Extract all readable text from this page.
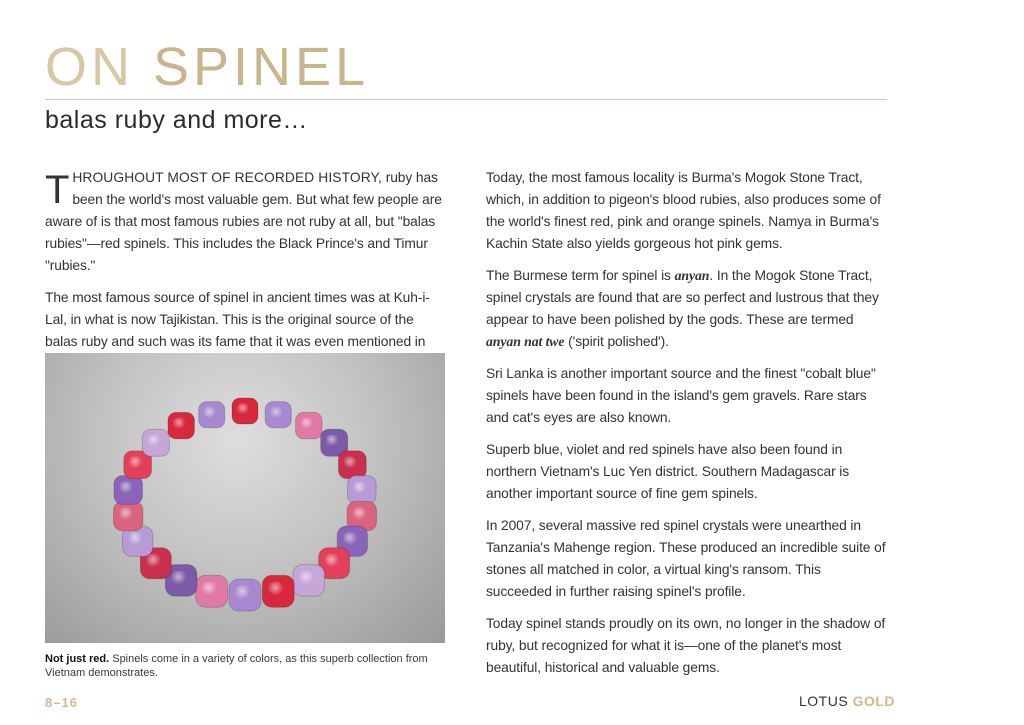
ON SPINEL
balas ruby and more…

THROUGHOUT MOST OF RECORDED HISTORY, ruby has been the world's most valuable gem. But what few people are aware of is that most famous rubies are not ruby at all, but "balas rubies"—red spinels. This includes the Black Prince's and Timur "rubies."

The most famous source of spinel in ancient times was at Kuh-i-Lal, in what is now Tajikistan. This is the original source of the balas ruby and such was its fame that it was even mentioned in

Not just red. Spinels come in a variety of colors, as this superb collection from Vietnam demonstrates.

Today, the most famous locality is Burma's Mogok Stone Tract, which, in addition to pigeon's blood rubies, also produces some of the world's finest red, pink and orange spinels. Namya in Burma's Kachin State also yields gorgeous hot pink gems.

The Burmese term for spinel is anyan. In the Mogok Stone Tract, spinel crystals are found that are so perfect and lustrous that they appear to have been polished by the gods. These are termed anyan nat twe ('spirit polished').

Sri Lanka is another important source and the finest "cobalt blue" spinels have been found in the island's gem gravels. Rare stars and cat's eyes are also known.

Superb blue, violet and red spinels have also been found in northern Vietnam's Luc Yen district. Southern Madagascar is another important source of fine gem spinels.

In 2007, several massive red spinel crystals were unearthed in Tanzania's Mahenge region. These produced an incredible suite of stones all matched in color, a virtual king's ransom. This succeeded in further raising spinel's profile.

Today spinel stands proudly on its own, no longer in the shadow of ruby, but recognized for what it is—one of the planet's most beautiful, historical and valuable gems.

8–16	LOTUS GOLD
